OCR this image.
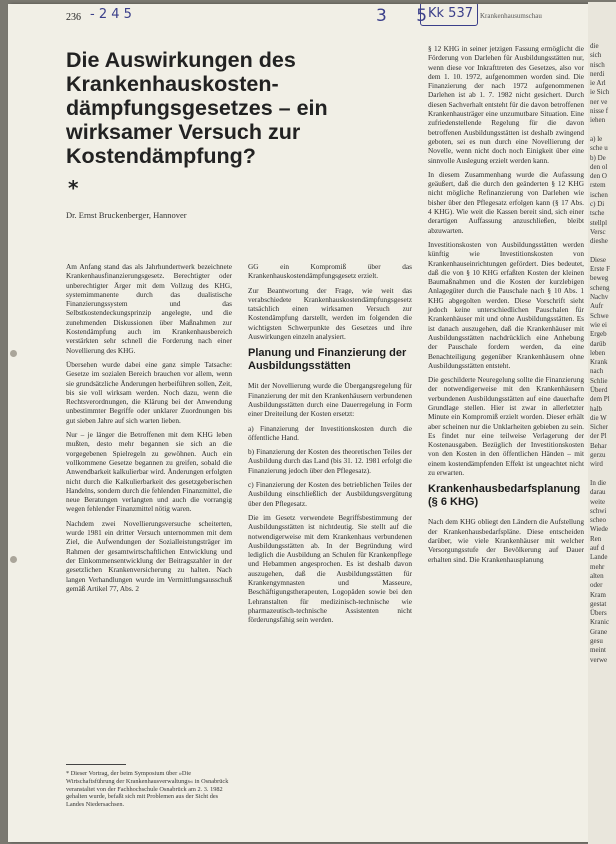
236 - 2 4 5	3 5
Kk 537 Krankenhausumschau
Die Auswirkungen des Krankenhauskosten-dämpfungsgesetzes – ein wirksamer Versuch zur Kostendämpfung?
*
Dr. Ernst Bruckenberger, Hannover

Am Anfang stand das als Jahrhundertwerk bezeichnete Krankenhausfinanzierungsgesetz. Berechtigter oder unberechtigter Ärger mit dem Vollzug des KHG, systemimmanente durch das dualistische Finanzierungssystem und das Selbstkostendeckungsprinzip angelegte, und die zunehmenden Diskussionen über Maßnahmen zur Kostendämpfung auch im Krankenhausbereich verstärkten sehr schnell die Forderung nach einer Novellierung des KHG.

Übersehen wurde dabei eine ganz simple Tatsache: Gesetze im sozialen Bereich brauchen vor allem, wenn sie grundsätzliche Änderungen herbeiführen sollen, Zeit, bis sie voll wirksam werden. Noch dazu, wenn die Rechtsverordnungen, die Klärung bei der Anwendung unbestimmter Begriffe oder unklarer Zuordnungen bis gut sieben Jahre auf sich warten lieben.

Nur – je länger die Betroffenen mit dem KHG leben mußten, desto mehr begannen sie sich an die vorgegebenen Spielregeln zu gewöhnen. Auch ein vollkommene Gesetze begannen zu greifen, sobald die Anwendbarkeit kalkulierbar wird. Änderungen erfolgten nicht durch die Kalkulierbarkeit des gesetzgeberischen Handelns, sondern durch die fehlenden Finanzmittel, die neue Beratungen verlangten und auch die vorrangig wegen fehlender Finanzmittel nötig waren.

Nachdem zwei Novellierungsversuche scheiterten, wurde 1981 ein dritter Versuch unternommen mit dem Ziel, die Aufwendungen der Sozialleistungsträger im Rahmen der gesamtwirtschaftlichen Entwicklung und der Einkommensentwicklung der Beitragszahler in der gesetzlichen Krankenversicherung zu halten. Nach langen Verhandlungen wurde im Vermittlungsausschuß gemäß Artikel 77, Abs. 2

* Dieser Vortrag, der beim Symposium über »Die Wirtschaftsführung der Krankenhausverwaltungs« in Osnabrück veranstaltet von der Fachhochschule Osnabrück am 2. 3. 1982 gehalten wurde, befaßt sich mit Problemen aus der Sicht des Landes Niedersachsen.

GG ein Kompromiß über das Krankenhauskostendämpfungsgesetz erzielt.

Zur Beantwortung der Frage, wie weit das verabschiedete Krankenhauskostendämpfungsgesetz tatsächlich einen wirksamen Versuch zur Kostendämpfung darstellt, werden im folgenden die wichtigsten Schwerpunkte des Gesetzes und ihre Auswirkungen einzeln analysiert.

Planung und Finanzierung der Ausbildungsstätten

Mit der Novellierung wurde die Übergangsregelung für Finanzierung der mit den Krankenhäusern verbundenen Ausbildungsstätten durch eine Dauerregelung in Form einer Dreiteilung der Kosten ersetzt:

a) Finanzierung der Investitionskosten durch die öffentliche Hand.

b) Finanzierung der Kosten des theoretischen Teiles der Ausbildung durch das Land (bis 31. 12. 1981 erfolgt die Finanzierung jedoch über den Pflegesatz).

c) Finanzierung der Kosten des betrieblichen Teiles der Ausbildung einschließlich der Ausbildungsvergütung über den Pflegesatz.

Die im Gesetz verwendete Begriffsbestimmung der Ausbildungsstätten ist nichtdeutig. Sie stellt auf die notwendigerweise mit dem Krankenhaus verbundenen Ausbildungsstätten ab. In der Begründung wird lediglich die Ausbildung an Schulen für Krankenpflege und Hebammen angesprochen. Es ist deshalb davon auszugehen, daß die Ausbildungsstätten für Krankengymnasten und Masseure, Beschäftigungstherapeuten, Logopäden sowie bei den Lehranstalten für medizinisch-technische wie pharmazeutisch-technische Assistenten nicht förderungsfähig sein werden.

§ 12 KHG in seiner jetzigen Fassung ermöglicht die Förderung von Darlehen für Ausbildungsstätten nur, wenn diese vor Inkrafttreten des Gesetzes, also vor dem 1. 10. 1972, aufgenommen worden sind. Die Finanzierung der nach 1972 aufgenommenen Darlehen ist ab 1. 7. 1982 nicht gesichert. Durch diesen Sachverhalt entsteht für die davon betroffenen Krankenhausträger eine unzumutbare Situation. Eine zufriedenstellende Regelung für die davon betroffenen Ausbildungsstätten ist deshalb zwingend geboten, sei es nun durch eine Novellierung der Novelle, wenn nicht doch noch Einigkeit über eine sinnvolle Auslegung erzielt werden kann.

In diesem Zusammenhang wurde die Aufassung geäußert, daß die durch den geänderten § 12 KHG nicht mögliche Refinanzierung von Darlehen wie bisher über den Pflegesatz erfolgen kann (§ 17 Abs. 4 KHG). Wie weit die Kassen bereit sind, sich einer derartigen Auffassung anzuschließen, bleibt abzuwarten.

Investitionskosten von Ausbildungsstätten werden künftig wie Investitionskosten von Krankenhauseinrichtungen gefördert. Dies bedeutet, daß die von § 10 KHG erfaßten Kosten der kleinen Baumaßnahmen und die Kosten der kurzlebigen Anlagegüter durch die Pauschale nach § 10 Abs. 1 KHG abgegolten werden. Diese Vorschrift sieht jedoch keine unterschiedlichen Pauschalen für Krankenhäuser mit und ohne Ausbildungsstätten. Es ist danach auszugehen, daß die Krankenhäuser mit Ausbildungsstätten nachdrücklich eine Anhebung der Pauschale fordern werden, da eine Benachteiligung gegenüber Krankenhäusern ohne Ausbildungsstätten entsteht.

Die geschilderte Neuregelung sollte die Finanzierung der notwendigerweise mit den Krankenhäusern verbundenen Ausbildungsstätten auf eine dauerhafte Grundlage stellen. Hier ist zwar in allerletzter Minute ein Kompromiß erzielt worden. Dieser erhält aber scheinen nur die Unklarheiten gebieben zu sein. Es findet nur eine teilweise Verlagerung der Kostenausgaben. Bezüglich der Investitionskosten von den Kosten in den öffentlichen Händen – mit einem kostendämpfenden Effekt ist ungeachtet nicht zu erwarten.

Krankenhausbedarfsplanung (§ 6 KHG)

Nach dem KHG obliegt den Ländern die Aufstellung der Krankenhausbedarfspläne. Diese entscheiden darüber, wie viele Krankenhäuser mit welcher Versorgungsstufe der Bevölkerung auf Dauer erhalten sind. Die Krankenhausplanung

die
sich
nisch
nerdi
ie Arl
ie Sich
ner ve
nisse f
iehen

a) le
sche u
b) De
den ol
den O
rstem
ischen
c) Di
tsche
stellpl
Versc
dieshe

Diese
Erste F
beweg
scheng
Nachv
Aufr
Schwe
wie ei
Ergeb
darüb
leben
Krank
nach
Schlie
Überd
dem Pl
halb
die W
Sicher
der Pl
Behar
gerzu
wird

In die
darau
weite
schwi
scheo
Wiede
Ren
auf d
Lande
mehr
alten
oder
Kram
gestat
Übers
Kranic
Grane
gesu
meint
verwe
